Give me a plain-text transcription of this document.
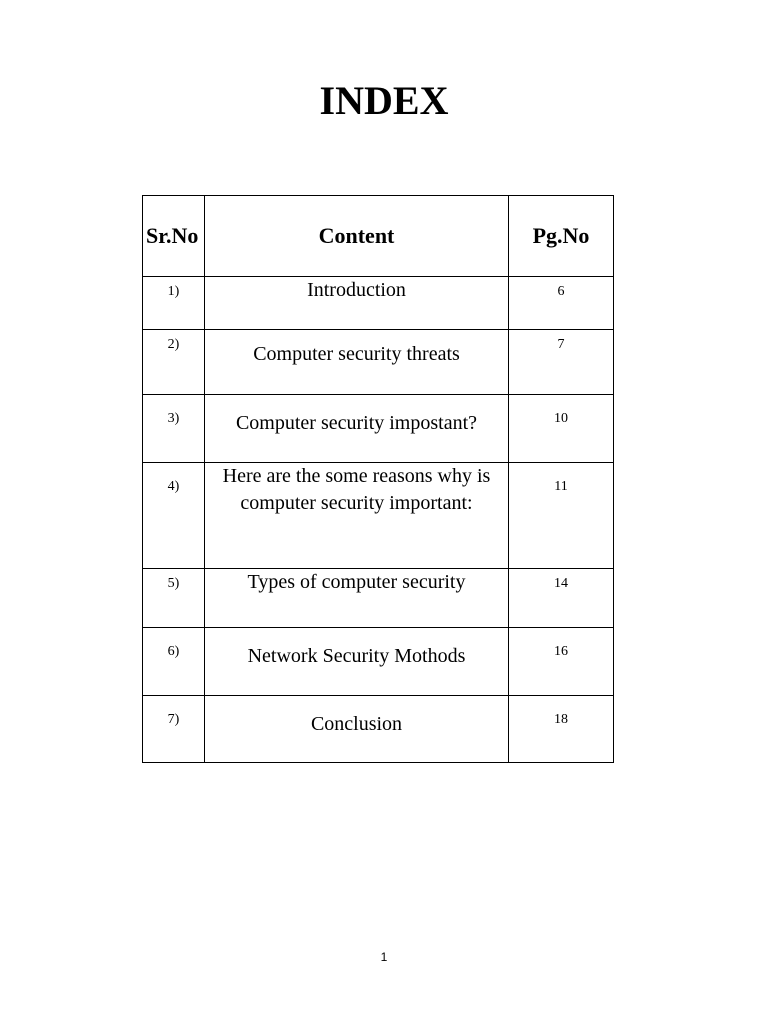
INDEX
Sr.No	Content	Pg.No
1)	Introduction	6
2)	Computer security threats	7
3)	Computer security impostant?	10
4)	Here are the some reasons why is computer security important:	11
5)	Types of computer security	14
6)	Network Security Mothods	16
7)	Conclusion	18
1
